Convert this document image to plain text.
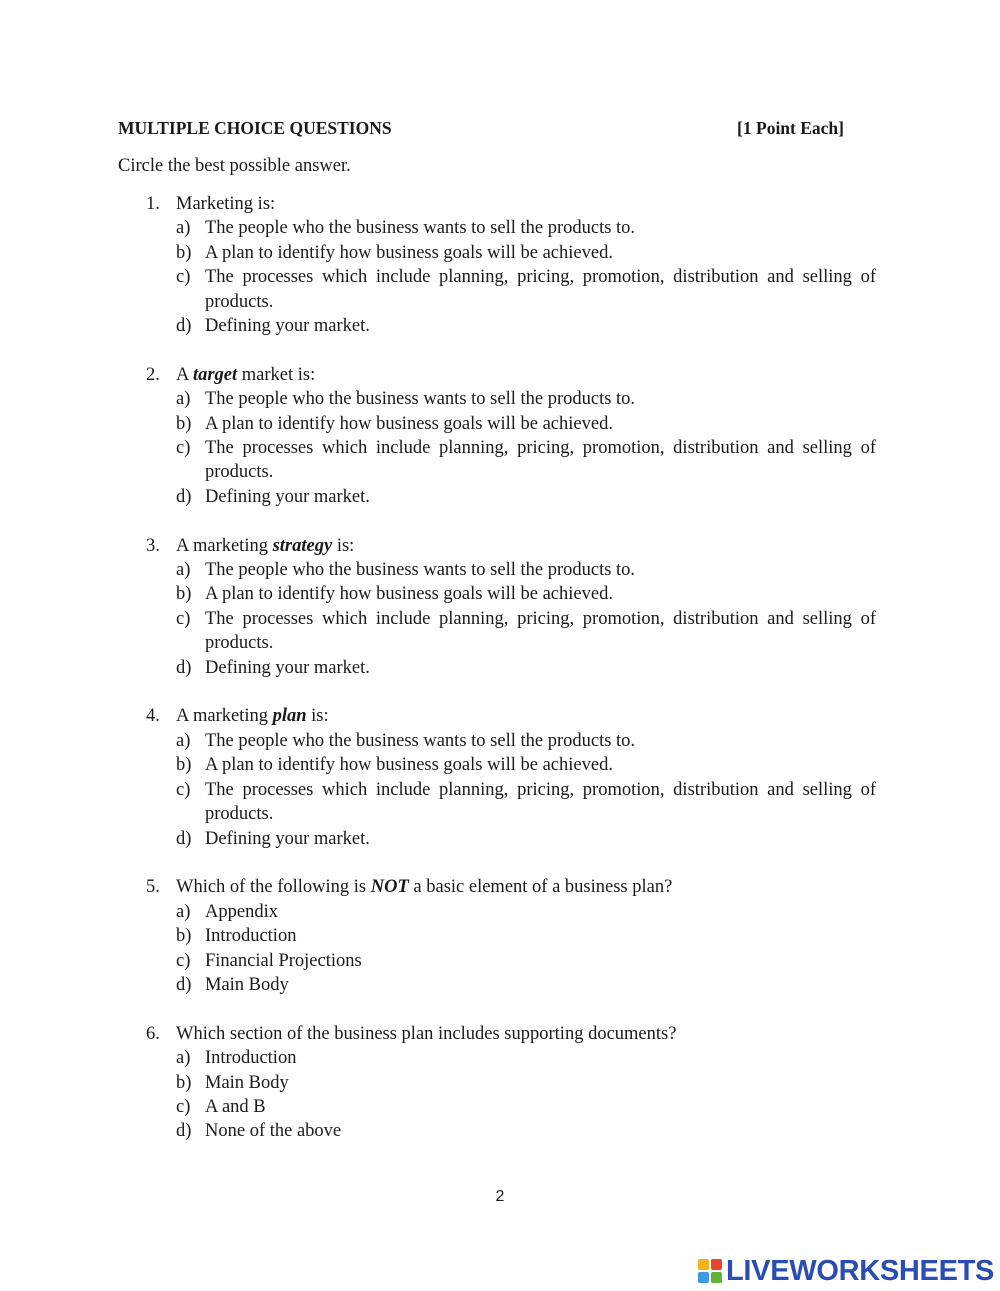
MULTIPLE CHOICE QUESTIONS	[1 Point Each]
Circle the best possible answer.
1. Marketing is:
a) The people who the business wants to sell the products to.
b) A plan to identify how business goals will be achieved.
c) The processes which include planning, pricing, promotion, distribution and selling of products.
d) Defining your market.
2. A target market is:
a) The people who the business wants to sell the products to.
b) A plan to identify how business goals will be achieved.
c) The processes which include planning, pricing, promotion, distribution and selling of products.
d) Defining your market.
3. A marketing strategy is:
a) The people who the business wants to sell the products to.
b) A plan to identify how business goals will be achieved.
c) The processes which include planning, pricing, promotion, distribution and selling of products.
d) Defining your market.
4. A marketing plan is:
a) The people who the business wants to sell the products to.
b) A plan to identify how business goals will be achieved.
c) The processes which include planning, pricing, promotion, distribution and selling of products.
d) Defining your market.
5. Which of the following is NOT a basic element of a business plan?
a) Appendix
b) Introduction
c) Financial Projections
d) Main Body
6. Which section of the business plan includes supporting documents?
a) Introduction
b) Main Body
c) A and B
d) None of the above
2
LIVEWORKSHEETS
